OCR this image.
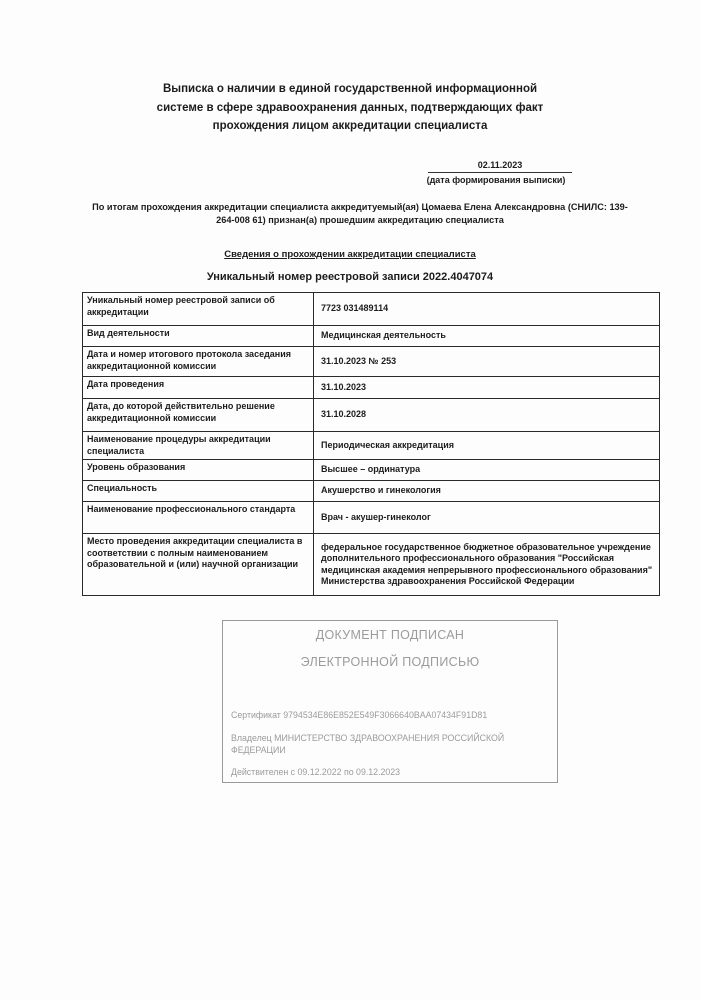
Выписка о наличии в единой государственной информационной
системе в сфере здравоохранения данных, подтверждающих факт
прохождения лицом аккредитации специалиста
02.11.2023
(дата формирования выписки)
По итогам прохождения аккредитации специалиста аккредитуемый(ая) Цомаева Елена Александровна (СНИЛС: 139-264-008 61) признан(а) прошедшим аккредитацию специалиста
Сведения о прохождении аккредитации специалиста
Уникальный номер реестровой записи 2022.4047074
Уникальный номер реестровой записи об аккредитации	7723 031489114
Вид деятельности	Медицинская деятельность
Дата и номер итогового протокола заседания аккредитационной комиссии	31.10.2023 № 253
Дата проведения	31.10.2023
Дата, до которой действительно решение аккредитационной комиссии	31.10.2028
Наименование процедуры аккредитации специалиста	Периодическая аккредитация
Уровень образования	Высшее – ординатура
Специальность	Акушерство и гинекология
Наименование профессионального стандарта	Врач - акушер-гинеколог
Место проведения аккредитации специалиста в соответствии с полным наименованием образовательной и (или) научной организации	федеральное государственное бюджетное образовательное учреждение дополнительного профессионального образования "Российская медицинская академия непрерывного профессионального образования" Министерства здравоохранения Российской Федерации
ДОКУМЕНТ ПОДПИСАН
ЭЛЕКТРОННОЙ ПОДПИСЬЮ
Сертификат 9794534E86E852E549F3066640BAA07434F91D81
Владелец МИНИСТЕРСТВО ЗДРАВООХРАНЕНИЯ РОССИЙСКОЙ ФЕДЕРАЦИИ
Действителен с 09.12.2022 по 09.12.2023
